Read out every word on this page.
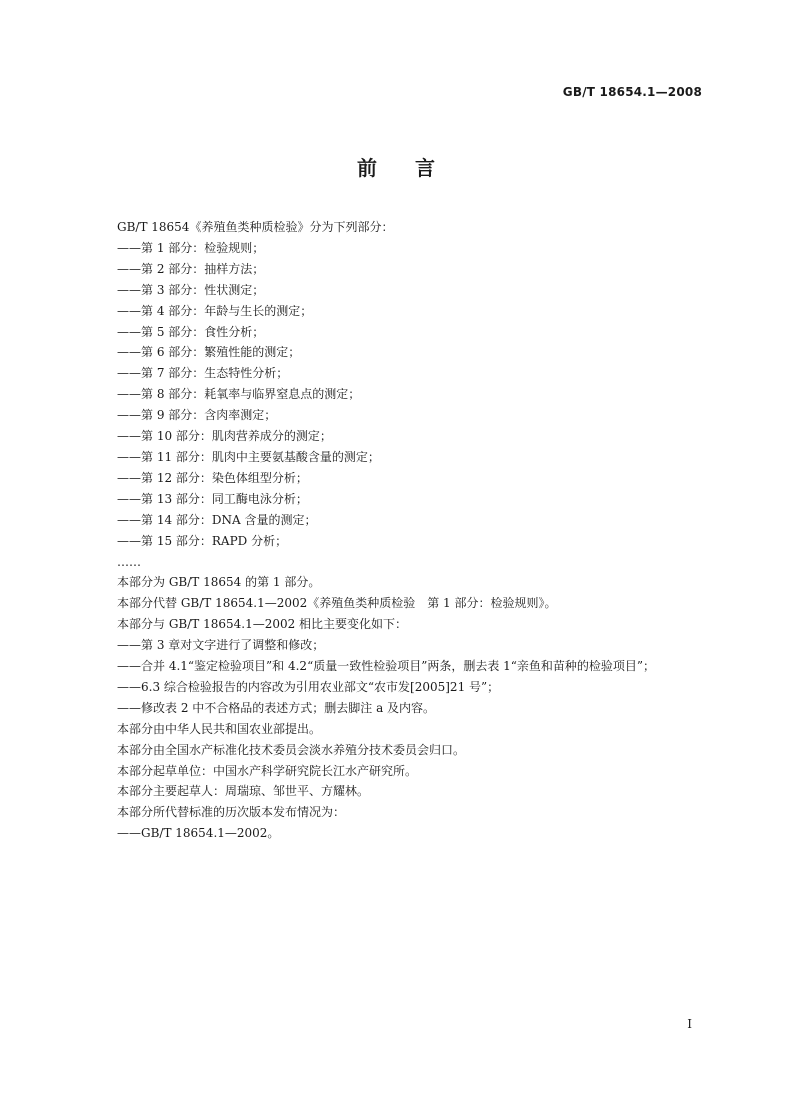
GB/T 18654.1—2008
前言
GB/T 18654《养殖鱼类种质检验》分为下列部分：
——第 1 部分：检验规则；
——第 2 部分：抽样方法；
——第 3 部分：性状测定；
——第 4 部分：年龄与生长的测定；
——第 5 部分：食性分析；
——第 6 部分：繁殖性能的测定；
——第 7 部分：生态特性分析；
——第 8 部分：耗氧率与临界窒息点的测定；
——第 9 部分：含肉率测定；
——第 10 部分：肌肉营养成分的测定；
——第 11 部分：肌肉中主要氨基酸含量的测定；
——第 12 部分：染色体组型分析；
——第 13 部分：同工酶电泳分析；
——第 14 部分：DNA 含量的测定；
——第 15 部分：RAPD 分析；
……
本部分为 GB/T 18654 的第 1 部分。
本部分代替 GB/T 18654.1—2002《养殖鱼类种质检验　第 1 部分：检验规则》。
本部分与 GB/T 18654.1—2002 相比主要变化如下：
——第 3 章对文字进行了调整和修改；
——合并 4.1“鉴定检验项目”和 4.2“质量一致性检验项目”两条，删去表 1“亲鱼和苗种的检验项目”；
——6.3 综合检验报告的内容改为引用农业部文“农市发[2005]21 号”；
——修改表 2 中不合格品的表述方式；删去脚注 a 及内容。
本部分由中华人民共和国农业部提出。
本部分由全国水产标准化技术委员会淡水养殖分技术委员会归口。
本部分起草单位：中国水产科学研究院长江水产研究所。
本部分主要起草人：周瑞琼、邹世平、方耀林。
本部分所代替标准的历次版本发布情况为：
——GB/T 18654.1—2002。
I
